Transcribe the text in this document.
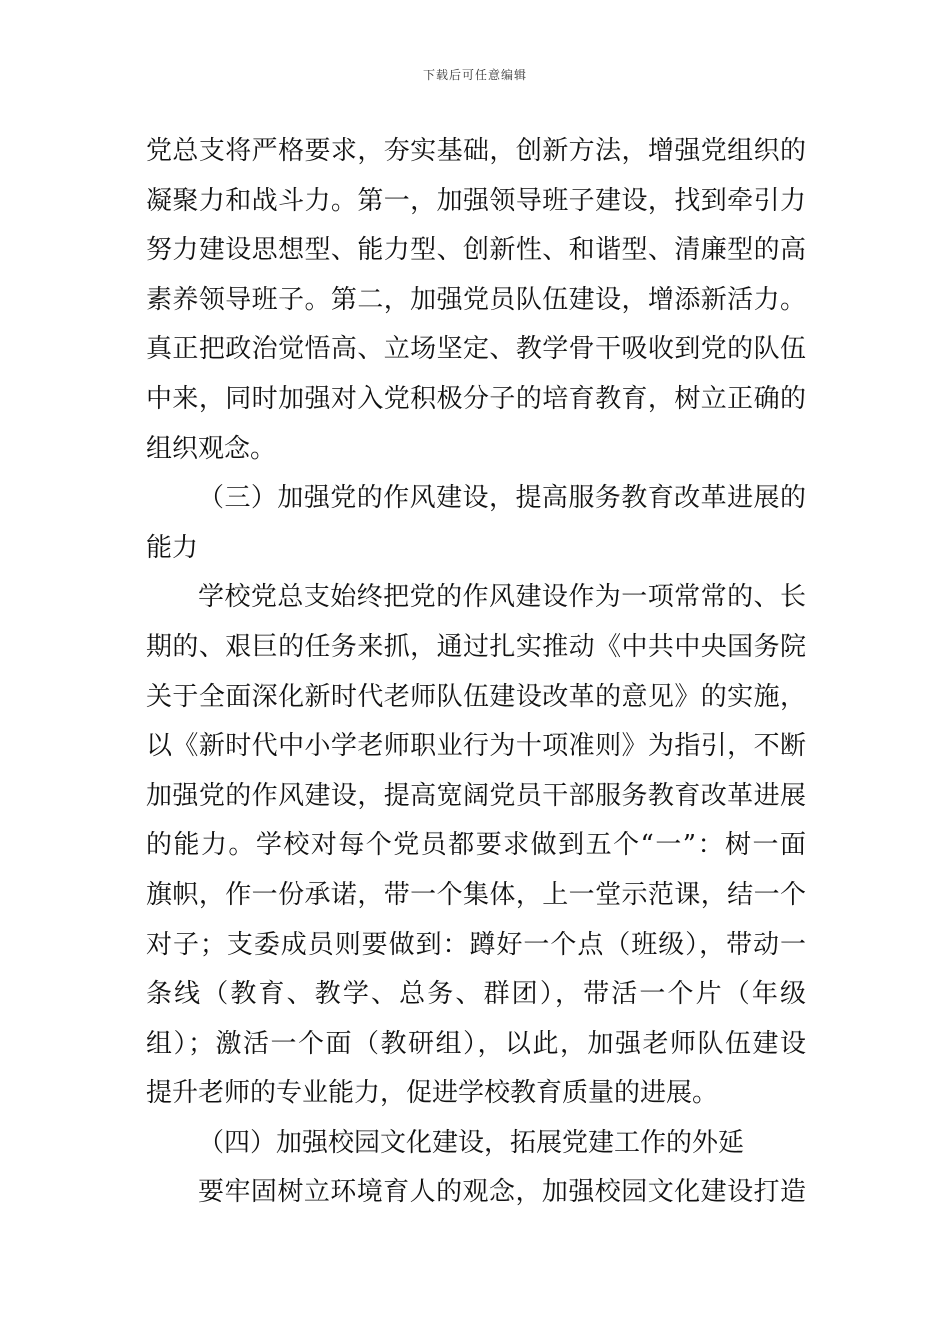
下载后可任意编辑
党总支将严格要求，夯实基础，创新方法，增强党组织的
凝聚力和战斗力。第一，加强领导班子建设，找到牵引力
努力建设思想型、能力型、创新性、和谐型、清廉型的高
素养领导班子。第二，加强党员队伍建设，增添新活力。
真正把政治觉悟高、立场坚定、教学骨干吸收到党的队伍
中来，同时加强对入党积极分子的培育教育，树立正确的
组织观念。
（三）加强党的作风建设，提高服务教育改革进展的
能力
学校党总支始终把党的作风建设作为一项常常的、长
期的、艰巨的任务来抓，通过扎实推动《中共中央国务院
关于全面深化新时代老师队伍建设改革的意见》的实施，
以《新时代中小学老师职业行为十项准则》为指引，不断
加强党的作风建设，提高宽阔党员干部服务教育改革进展
的能力。学校对每个党员都要求做到五个“一”：树一面
旗帜，作一份承诺，带一个集体，上一堂示范课，结一个
对子；支委成员则要做到：蹲好一个点（班级），带动一
条线（教育、教学、总务、群团），带活一个片（年级
组）；激活一个面（教研组），以此，加强老师队伍建设
提升老师的专业能力，促进学校教育质量的进展。
（四）加强校园文化建设，拓展党建工作的外延
要牢固树立环境育人的观念，加强校园文化建设打造
